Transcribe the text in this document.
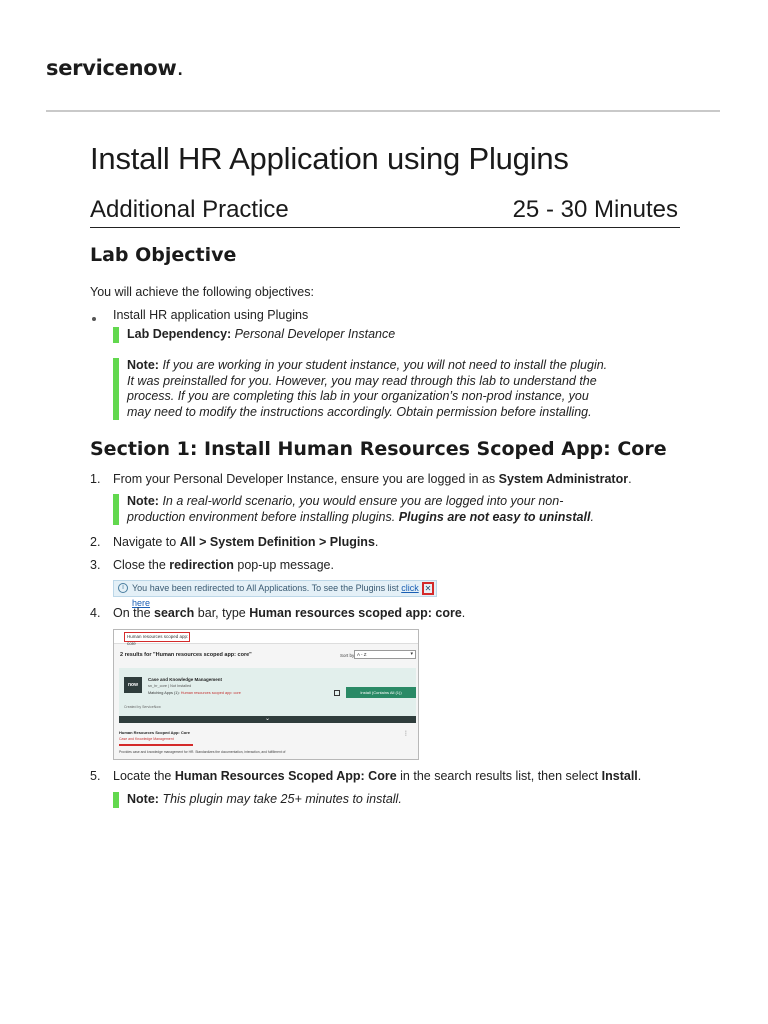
servicenow.
Install HR Application using Plugins
Additional Practice	25 - 30 Minutes
Lab Objective
You will achieve the following objectives:
Install HR application using Plugins
Lab Dependency: Personal Developer Instance
Note: If you are working in your student instance, you will not need to install the plugin.
It was preinstalled for you. However, you may read through this lab to understand the
process. If you are completing this lab in your organization’s non-prod instance, you
may need to modify the instructions accordingly. Obtain permission before installing.
Section 1: Install Human Resources Scoped App: Core
1. From your Personal Developer Instance, ensure you are logged in as System Administrator.
Note: In a real-world scenario, you would ensure you are logged into your non-
production environment before installing plugins. Plugins are not easy to uninstall.
2. Navigate to All > System Definition > Plugins.
3. Close the redirection pop-up message.
i You have been redirected to All Applications. To see the Plugins list click here
✕
4. On the search bar, type Human resources scoped app: core.
Human resources scoped app: core
2 results for "Human resources scoped app: core"	Sort by A - Z	▾
now
Case and Knowledge Management
sn_hr_core | Not Installed
Matching Apps (1): Human resources scoped app: core
Created by ServiceNow
Install (Contains All (1))
⌄
Human Resources Scoped App: Core
Case and Knowledge Management
Provides case and knowledge management for HR. Standardizes the documentation, interaction, and fulfillment of
⋮
5. Locate the Human Resources Scoped App: Core in the search results list, then select Install.
Note: This plugin may take 25+ minutes to install.
